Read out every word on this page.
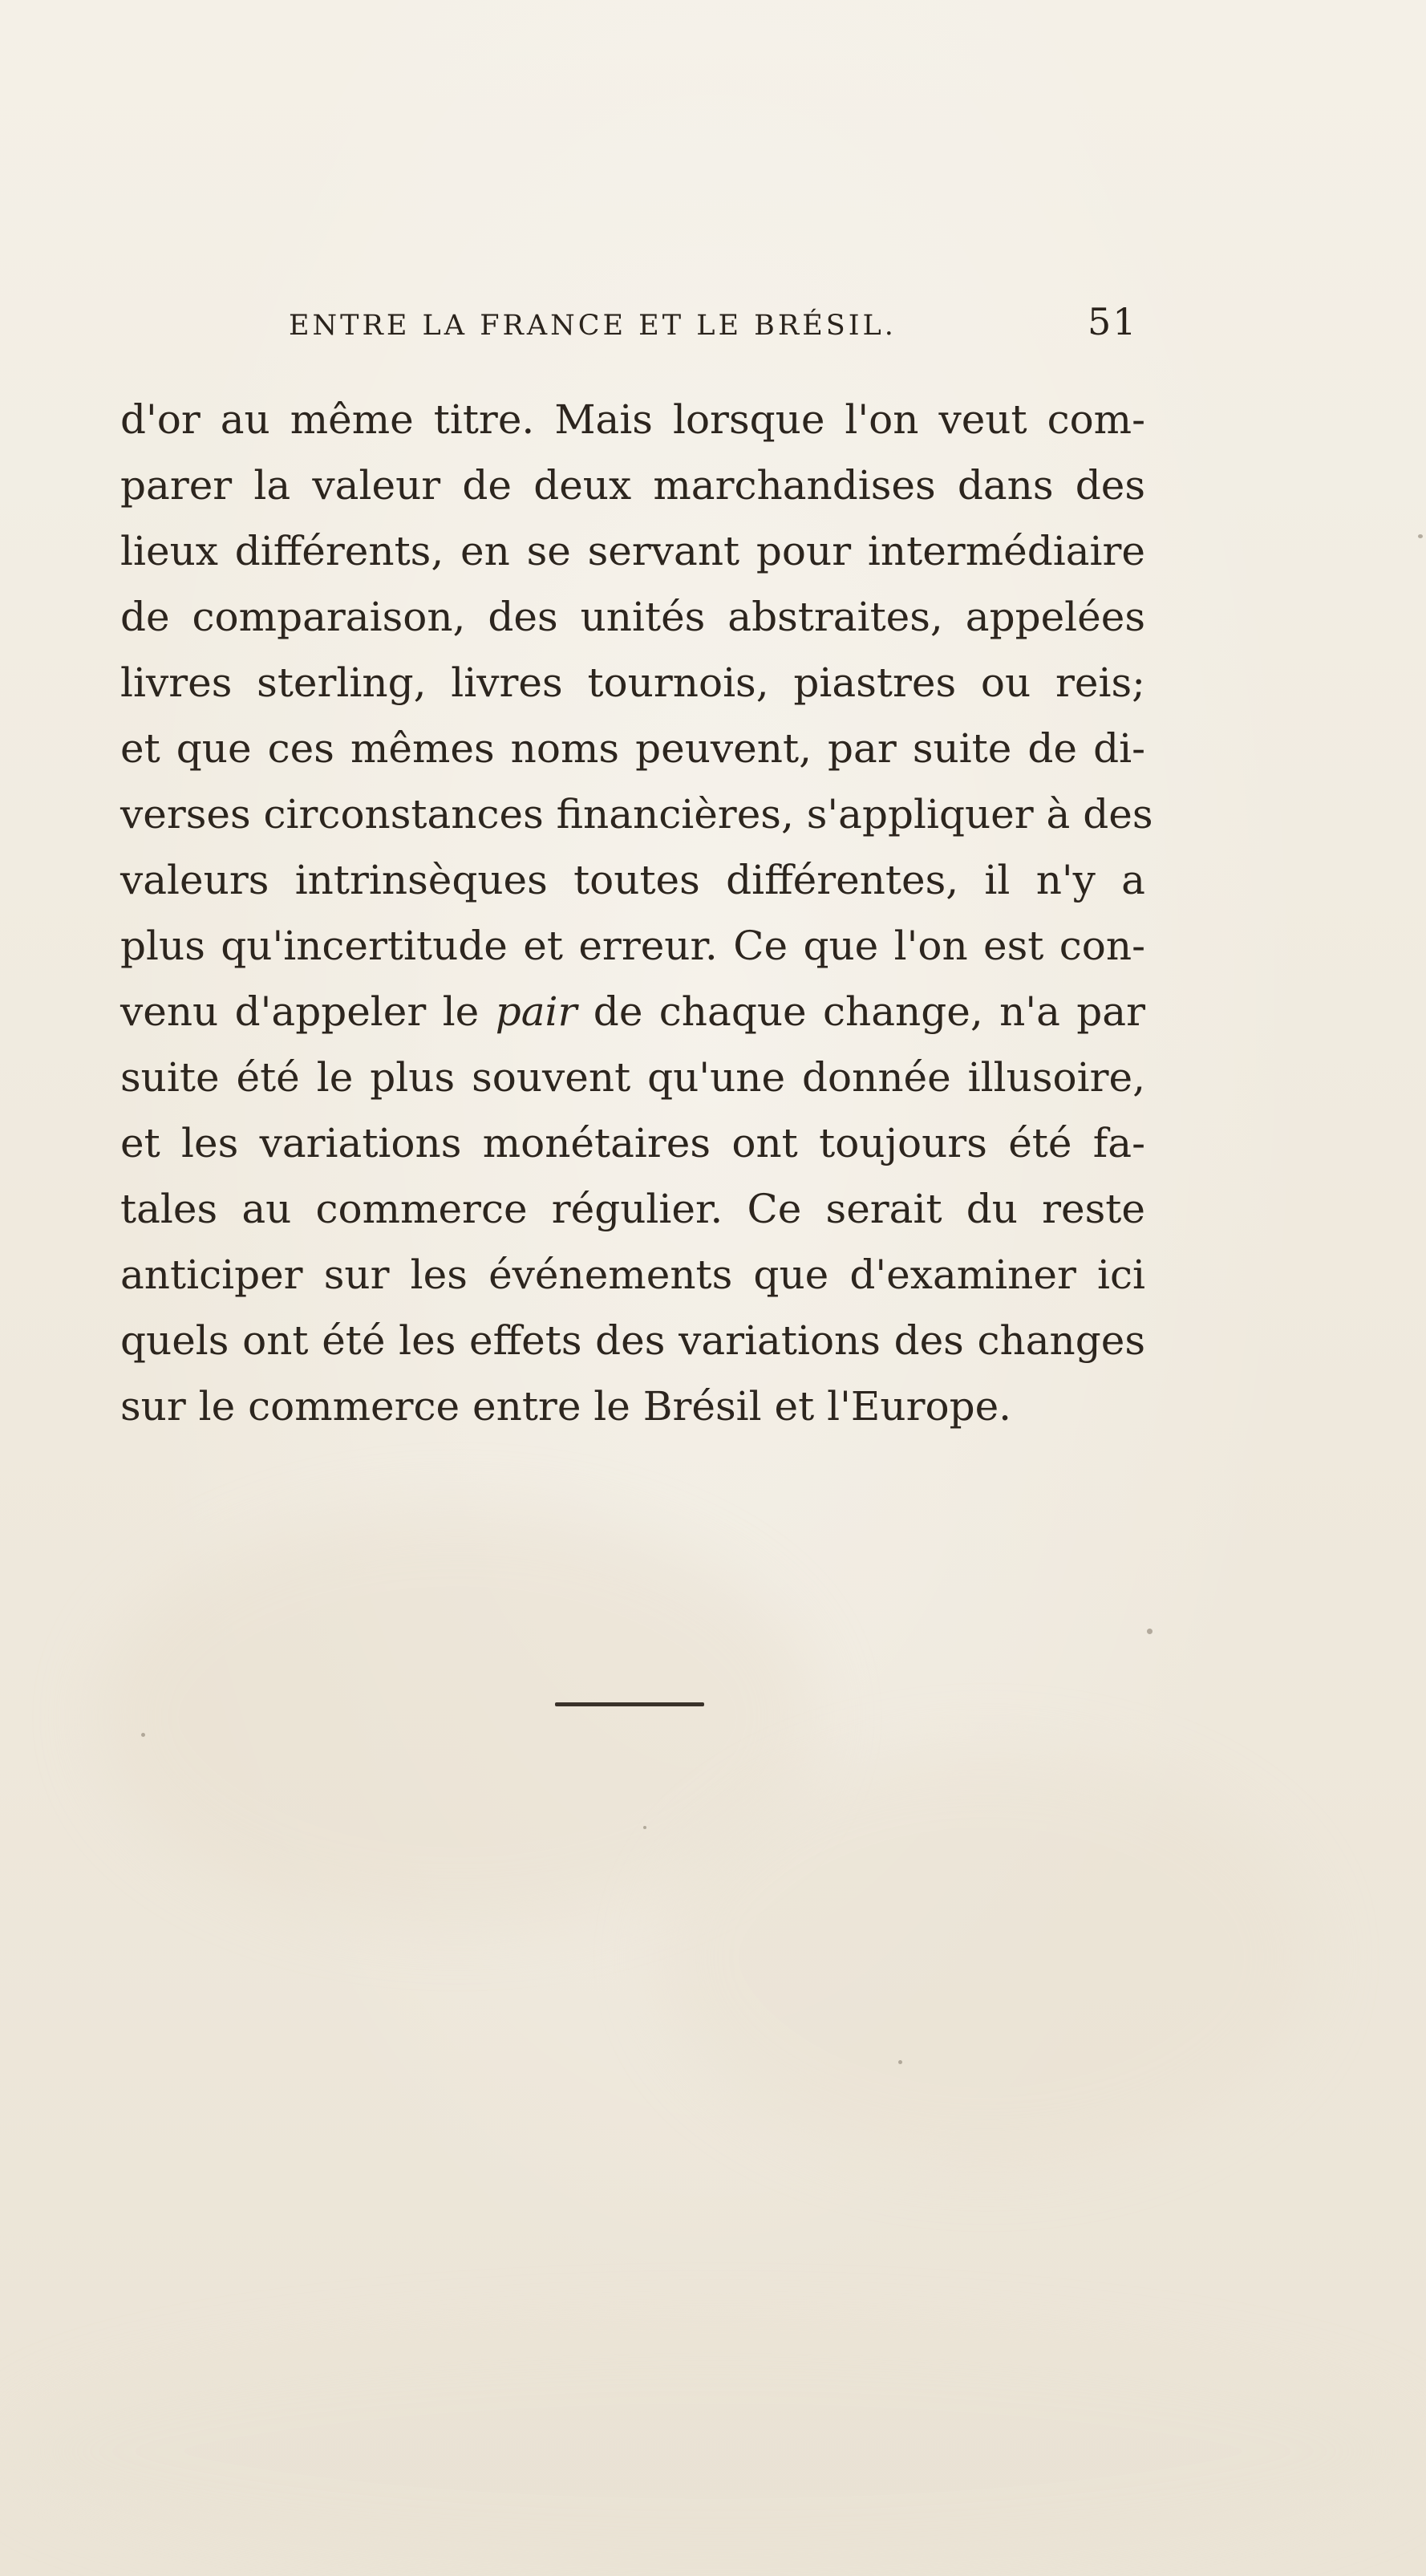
ENTRE LA FRANCE ET LE BRÉSIL.	51
d'or au même titre. Mais lorsque l'on veut com-
parer la valeur de deux marchandises dans des
lieux différents, en se servant pour intermédiaire
de comparaison, des unités abstraites, appelées
livres sterling, livres tournois, piastres ou reis;
et que ces mêmes noms peuvent, par suite de di-
verses circonstances financières, s'appliquer à des
valeurs intrinsèques toutes différentes, il n'y a
plus qu'incertitude et erreur. Ce que l'on est con-
venu d'appeler le pair de chaque change, n'a par
suite été le plus souvent qu'une donnée illusoire,
et les variations monétaires ont toujours été fa-
tales au commerce régulier. Ce serait du reste
anticiper sur les événements que d'examiner ici
quels ont été les effets des variations des changes
sur le commerce entre le Brésil et l'Europe.
